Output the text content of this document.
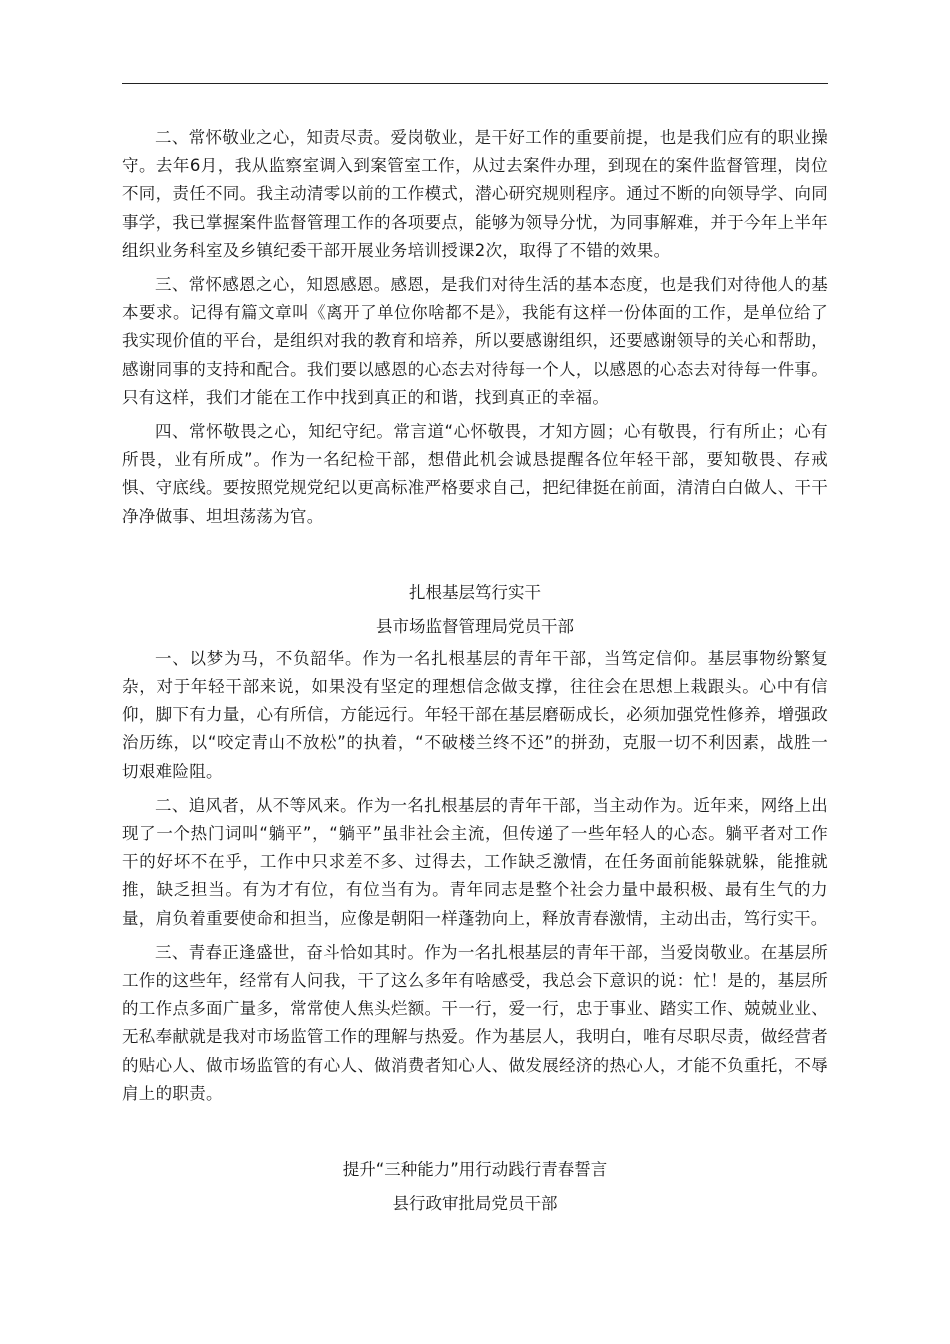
二、常怀敬业之心，知责尽责。爱岗敬业，是干好工作的重要前提，也是我们应有的职业操守。去年6月，我从监察室调入到案管室工作，从过去案件办理，到现在的案件监督管理，岗位不同，责任不同。我主动清零以前的工作模式，潜心研究规则程序。通过不断的向领导学、向同事学，我已掌握案件监督管理工作的各项要点，能够为领导分忧，为同事解难，并于今年上半年组织业务科室及乡镇纪委干部开展业务培训授课2次，取得了不错的效果。

三、常怀感恩之心，知恩感恩。感恩，是我们对待生活的基本态度，也是我们对待他人的基本要求。记得有篇文章叫《离开了单位你啥都不是》，我能有这样一份体面的工作，是单位给了我实现价值的平台，是组织对我的教育和培养，所以要感谢组织，还要感谢领导的关心和帮助，感谢同事的支持和配合。我们要以感恩的心态去对待每一个人，以感恩的心态去对待每一件事。只有这样，我们才能在工作中找到真正的和谐，找到真正的幸福。

四、常怀敬畏之心，知纪守纪。常言道“心怀敬畏，才知方圆；心有敬畏，行有所止；心有所畏，业有所成”。作为一名纪检干部，想借此机会诚恳提醒各位年轻干部，要知敬畏、存戒惧、守底线。要按照党规党纪以更高标准严格要求自己，把纪律挺在前面，清清白白做人、干干净净做事、坦坦荡荡为官。

扎根基层笃行实干
县市场监督管理局党员干部

一、以梦为马，不负韶华。作为一名扎根基层的青年干部，当笃定信仰。基层事物纷繁复杂，对于年轻干部来说，如果没有坚定的理想信念做支撑，往往会在思想上栽跟头。心中有信仰，脚下有力量，心有所信，方能远行。年轻干部在基层磨砺成长，必须加强党性修养，增强政治历练，以“咬定青山不放松”的执着，“不破楼兰终不还”的拼劲，克服一切不利因素，战胜一切艰难险阻。

二、追风者，从不等风来。作为一名扎根基层的青年干部，当主动作为。近年来，网络上出现了一个热门词叫“躺平”，“躺平”虽非社会主流，但传递了一些年轻人的心态。躺平者对工作干的好坏不在乎，工作中只求差不多、过得去，工作缺乏激情，在任务面前能躲就躲，能推就推，缺乏担当。有为才有位，有位当有为。青年同志是整个社会力量中最积极、最有生气的力量，肩负着重要使命和担当，应像是朝阳一样蓬勃向上，释放青春激情，主动出击，笃行实干。

三、青春正逢盛世，奋斗恰如其时。作为一名扎根基层的青年干部，当爱岗敬业。在基层所工作的这些年，经常有人问我，干了这么多年有啥感受，我总会下意识的说：忙！是的，基层所的工作点多面广量多，常常使人焦头烂额。干一行，爱一行，忠于事业、踏实工作、兢兢业业、无私奉献就是我对市场监管工作的理解与热爱。作为基层人，我明白，唯有尽职尽责，做经营者的贴心人、做市场监管的有心人、做消费者知心人、做发展经济的热心人，才能不负重托，不辱肩上的职责。

提升“三种能力”用行动践行青春誓言
县行政审批局党员干部
